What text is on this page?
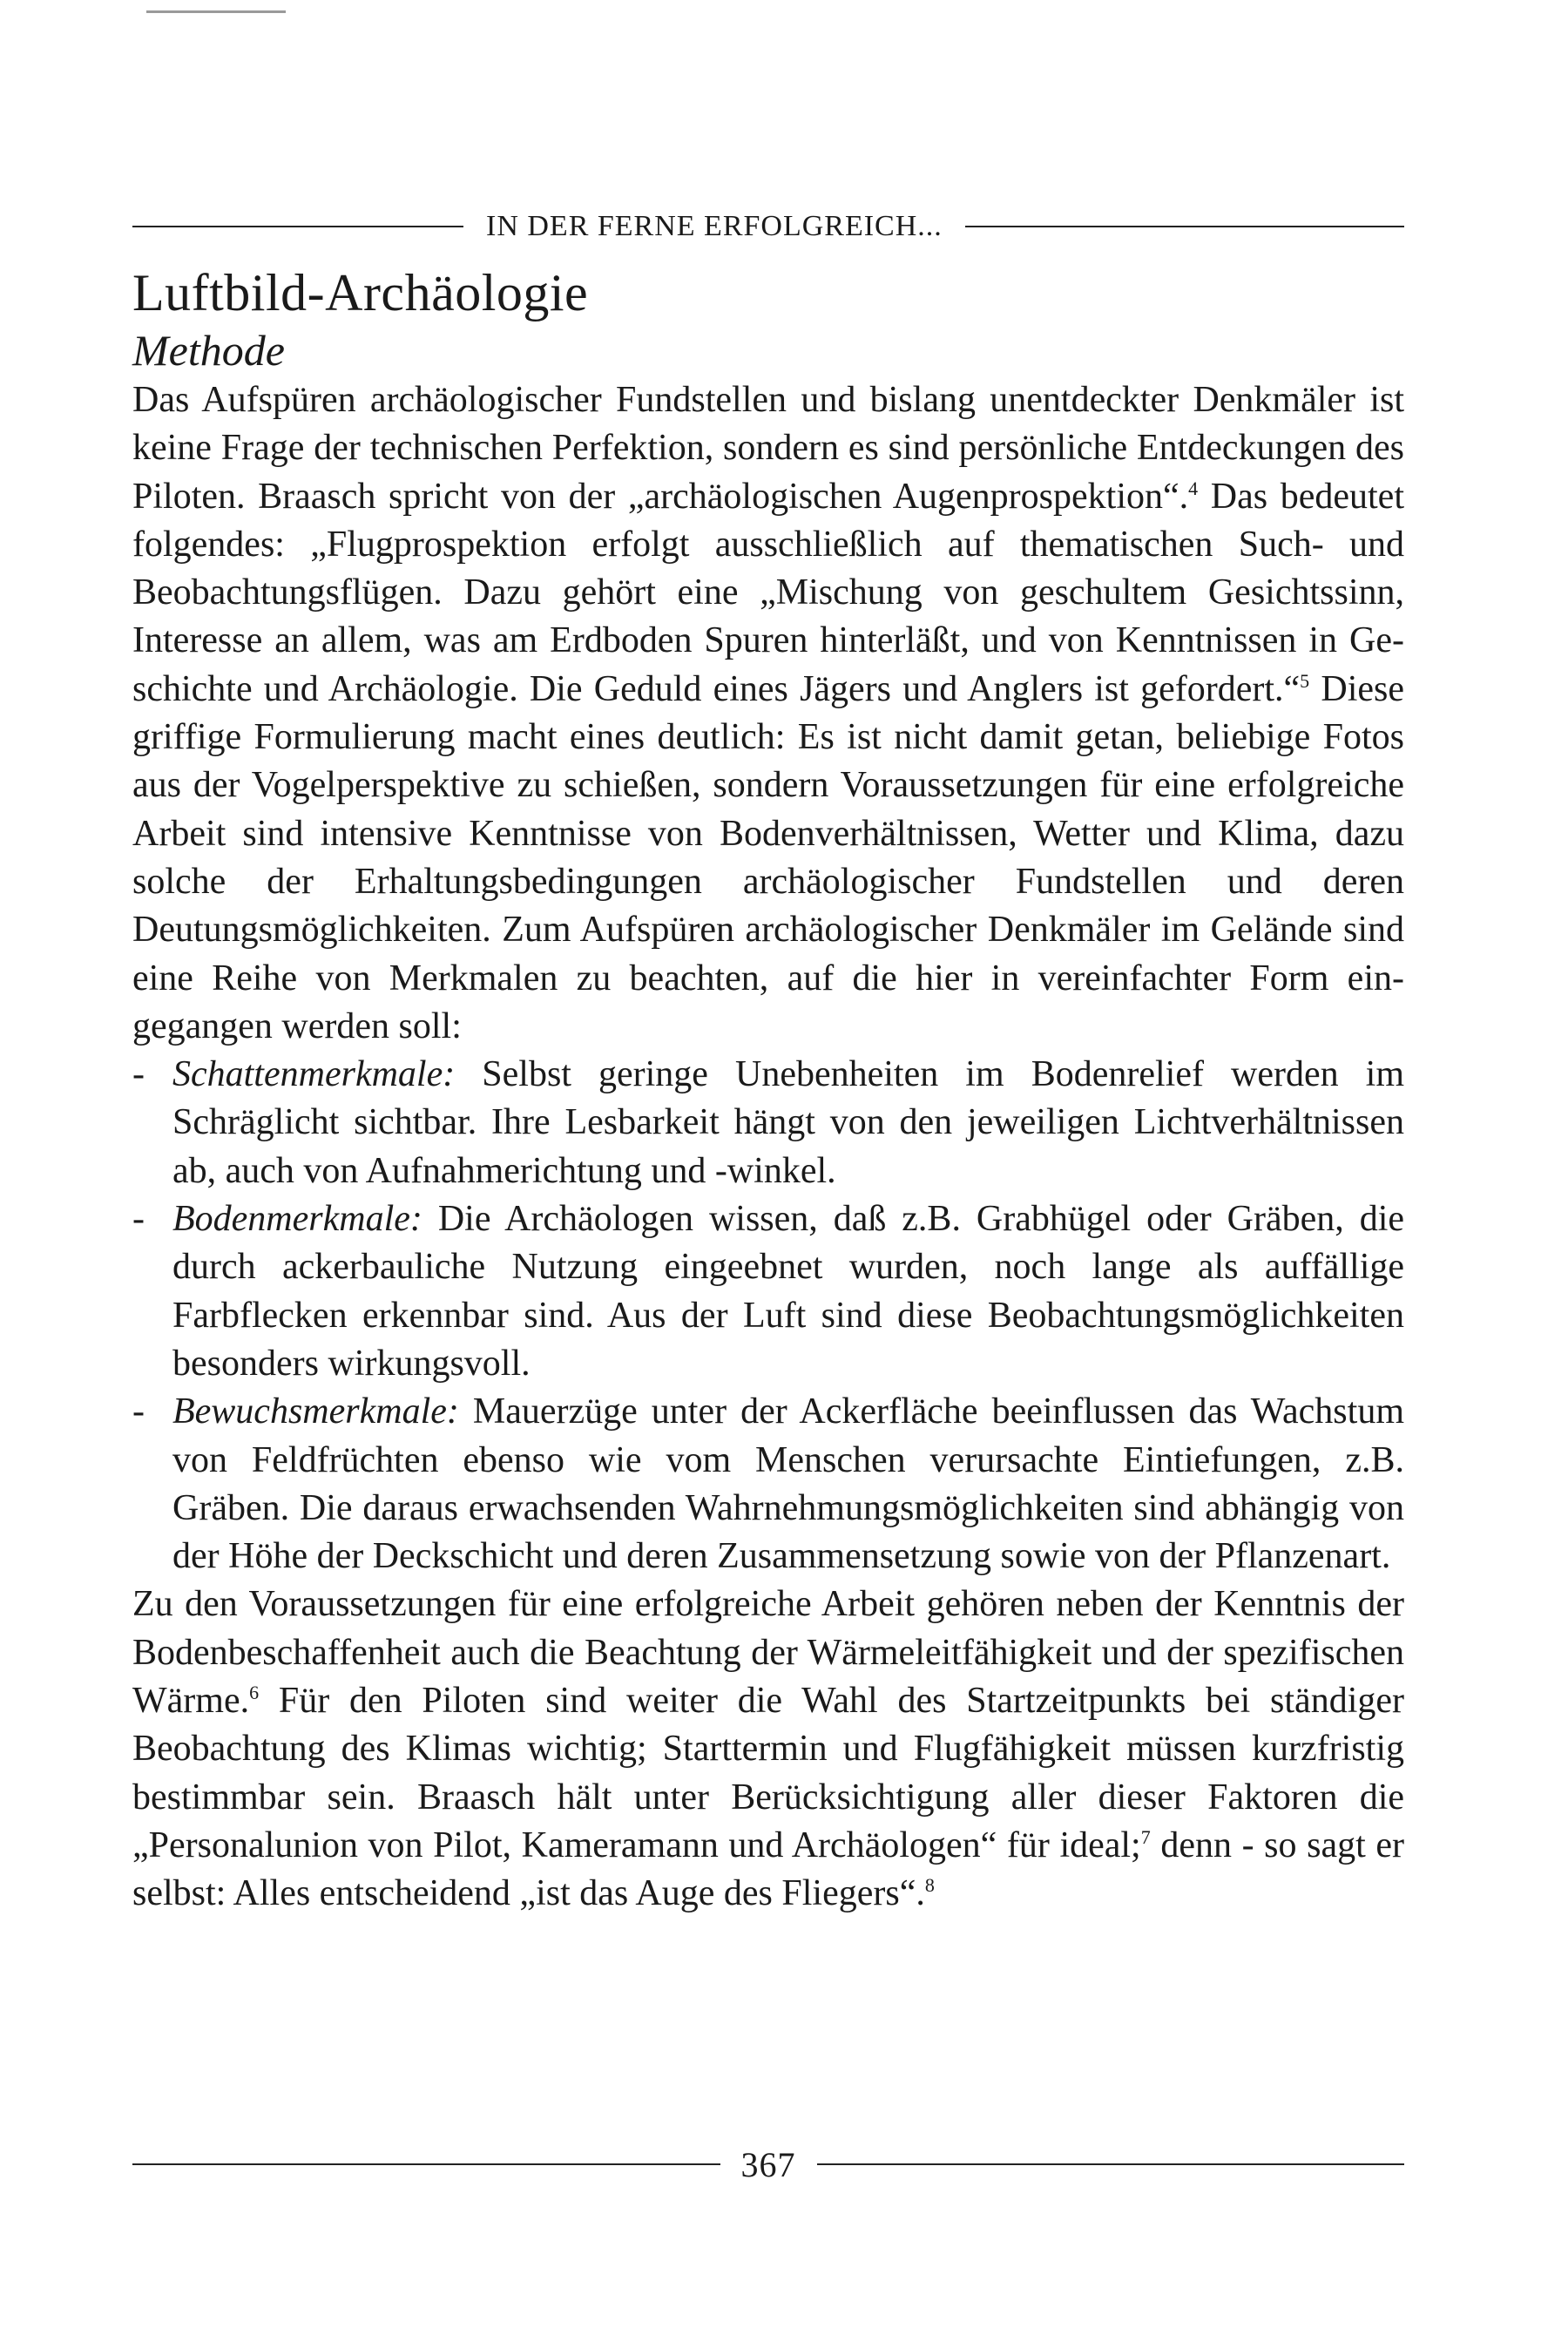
IN DER FERNE ERFOLGREICH...
Luftbild-Archäologie
Methode

Das Aufspüren archäologischer Fundstellen und bislang unentdeckter Denkmäler ist keine Frage der technischen Perfektion, sondern es sind persönliche Entdeckungen des Piloten. Braasch spricht von der „archäologischen Augenprospektion“.$^4$ Das bedeutet folgendes: „Flugprospektion erfolgt ausschließlich auf thematischen Such- und Beobachtungsflügen. Dazu gehört eine „Mischung von geschultem Gesichtssinn, Interesse an allem, was am Erdboden Spuren hinterläßt, und von Kenntnissen in Geschichte und Archäologie. Die Geduld eines Jägers und Anglers ist gefordert.“$^5$ Diese griffige Formulierung macht eines deutlich: Es ist nicht damit getan, beliebige Fotos aus der Vogelperspektive zu schießen, sondern Voraussetzungen für eine erfolgreiche Arbeit sind intensive Kenntnisse von Bodenverhältnissen, Wetter und Klima, dazu solche der Erhaltungsbedingungen archäologischer Fundstellen und deren Deutungsmöglichkeiten. Zum Aufspüren archäologischer Denkmäler im Gelände sind eine Reihe von Merkmalen zu beachten, auf die hier in vereinfachter Form eingegangen werden soll:

- Schattenmerkmale: Selbst geringe Unebenheiten im Bodenrelief werden im Schräglicht sichtbar. Ihre Lesbarkeit hängt von den jeweiligen Lichtverhältnissen ab, auch von Aufnahmerichtung und -winkel.
- Bodenmerkmale: Die Archäologen wissen, daß z.B. Grabhügel oder Gräben, die durch ackerbauliche Nutzung eingeebnet wurden, noch lange als auffällige Farbflecken erkennbar sind. Aus der Luft sind diese Beobachtungsmöglichkeiten besonders wirkungsvoll.
- Bewuchsmerkmale: Mauerzüge unter der Ackerfläche beeinflussen das Wachstum von Feldfrüchten ebenso wie vom Menschen verursachte Eintiefungen, z.B. Gräben. Die daraus erwachsenden Wahrnehmungsmöglichkeiten sind abhängig von der Höhe der Deckschicht und deren Zusammensetzung sowie von der Pflanzenart.

Zu den Voraussetzungen für eine erfolgreiche Arbeit gehören neben der Kenntnis der Bodenbeschaffenheit auch die Beachtung der Wärmeleitfähigkeit und der spezifischen Wärme.$^6$ Für den Piloten sind weiter die Wahl des Startzeitpunkts bei ständiger Beobachtung des Klimas wichtig; Starttermin und Flugfähigkeit müssen kurzfristig bestimmbar sein. Braasch hält unter Berücksichtigung aller dieser Faktoren die „Personalunion von Pilot, Kameramann und Archäologen“ für ideal;$^7$ denn - so sagt er selbst: Alles entscheidend „ist das Auge des Fliegers“.$^8$

367
